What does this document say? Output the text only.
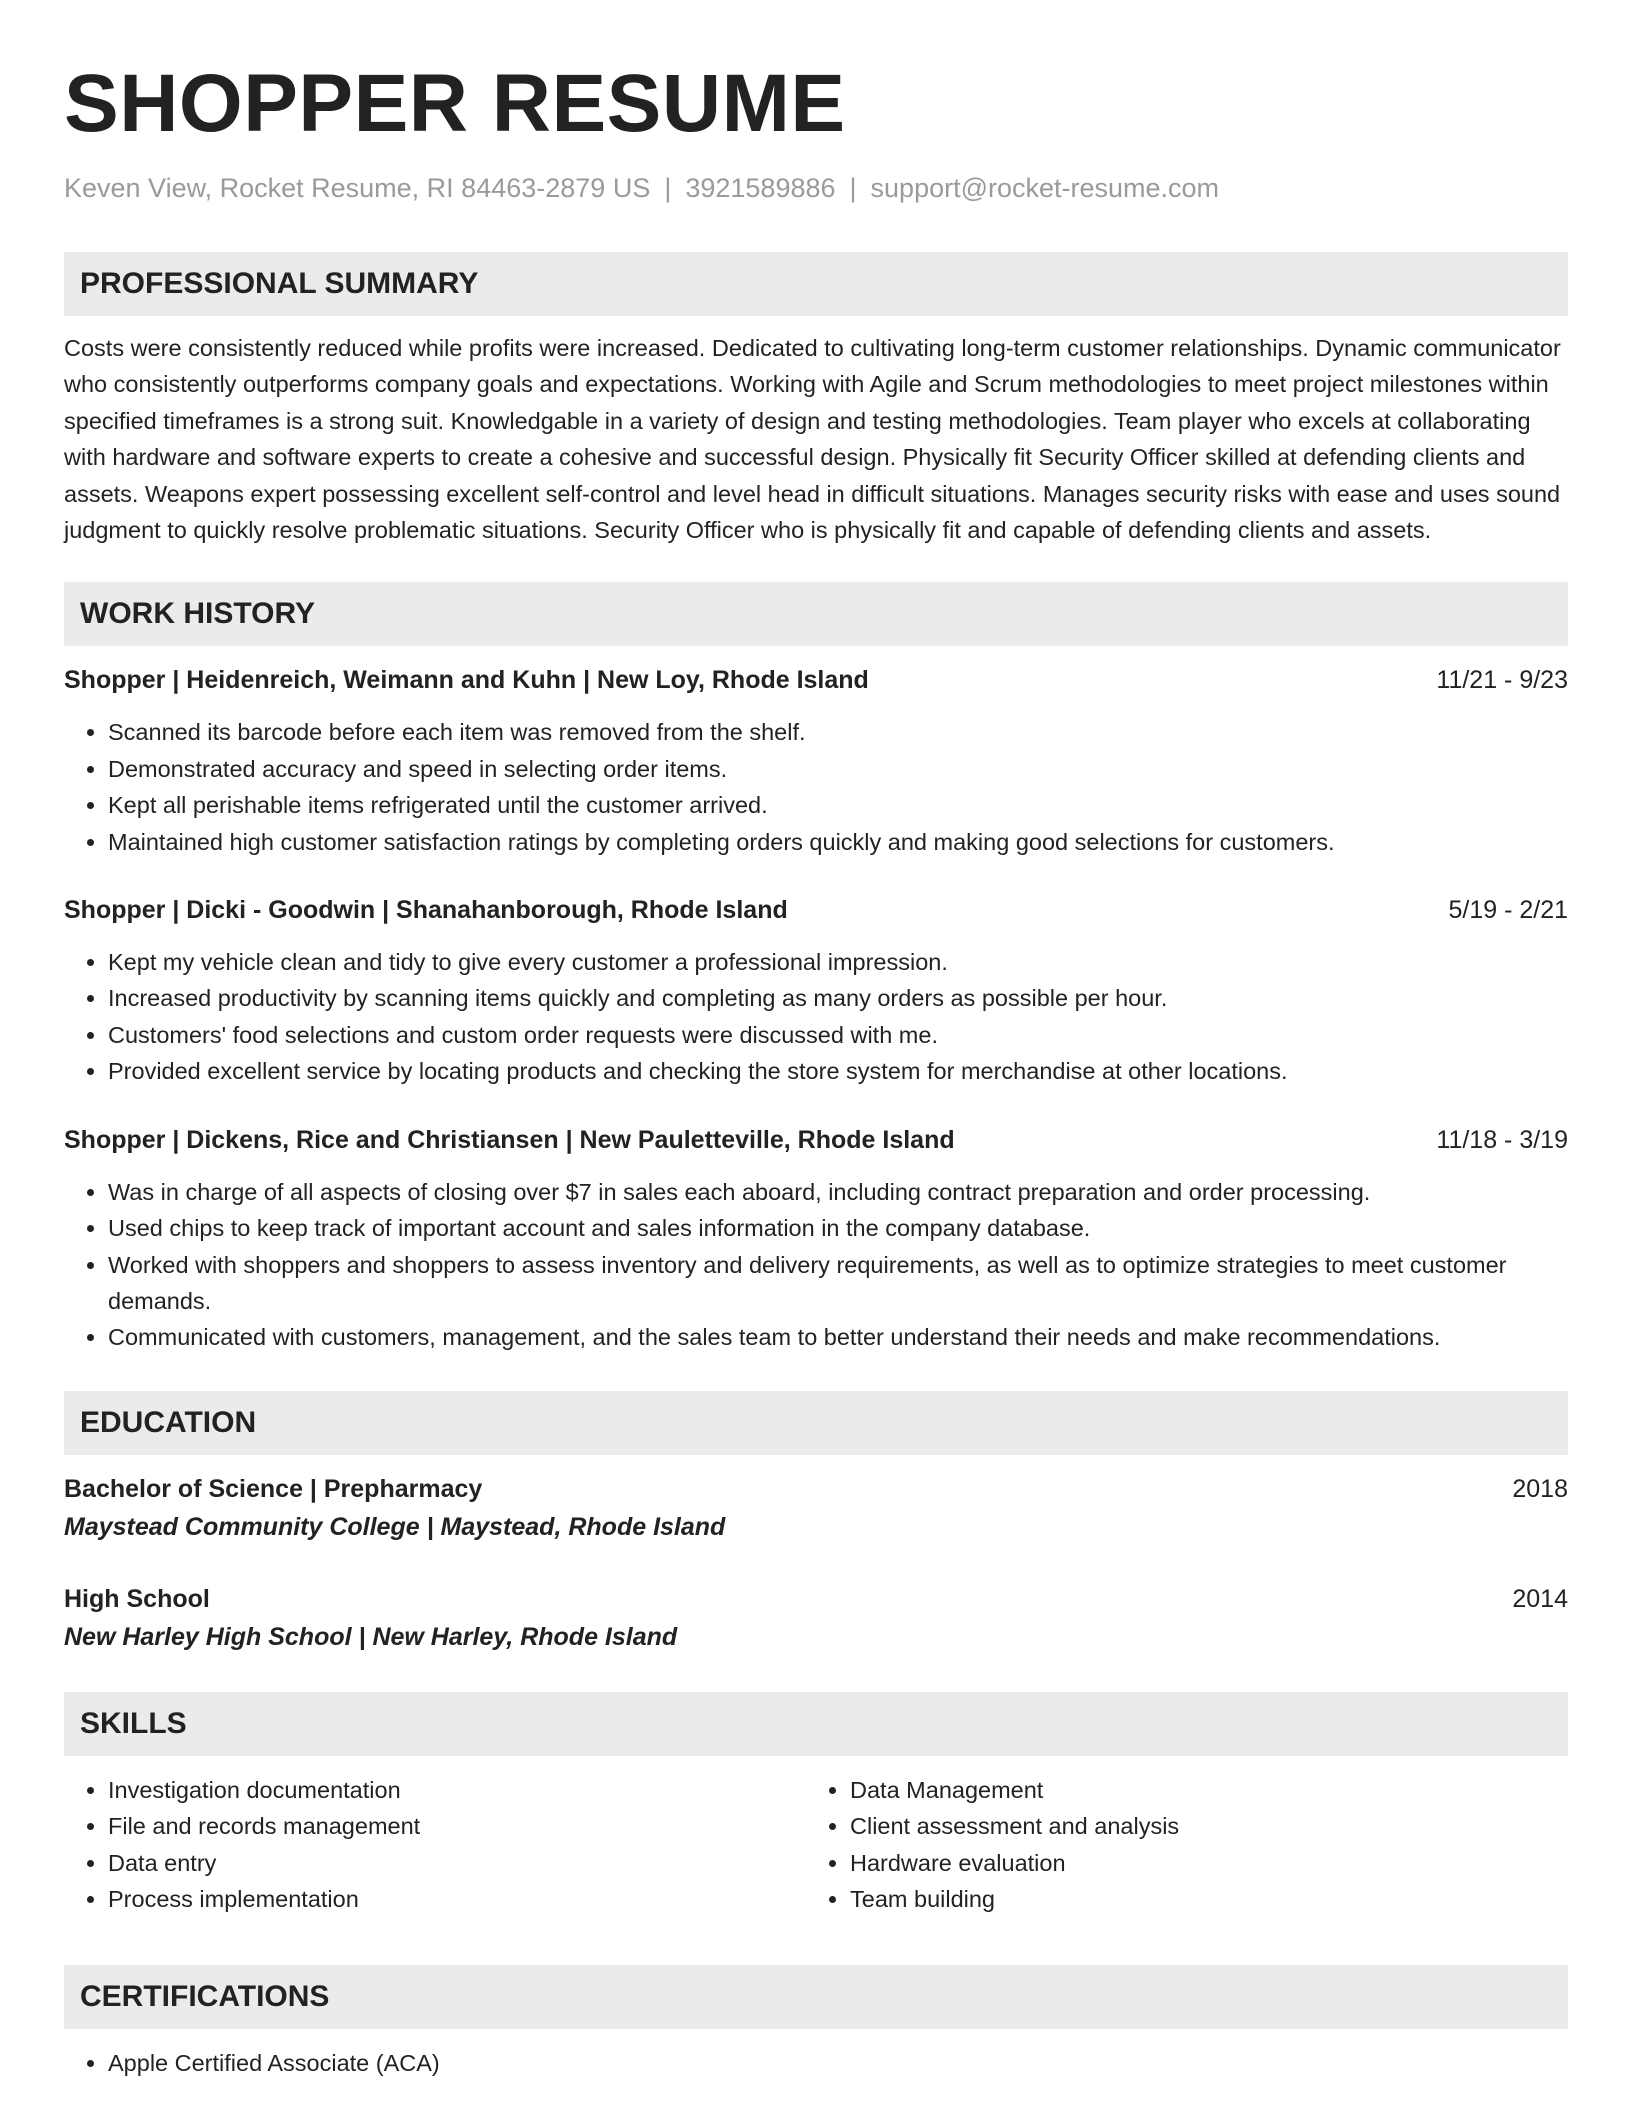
SHOPPER RESUME
Keven View, Rocket Resume, RI 84463-2879 US | 3921589886 | support@rocket-resume.com
PROFESSIONAL SUMMARY
Costs were consistently reduced while profits were increased. Dedicated to cultivating long-term customer relationships. Dynamic communicator who consistently outperforms company goals and expectations. Working with Agile and Scrum methodologies to meet project milestones within specified timeframes is a strong suit. Knowledgable in a variety of design and testing methodologies. Team player who excels at collaborating with hardware and software experts to create a cohesive and successful design. Physically fit Security Officer skilled at defending clients and assets. Weapons expert possessing excellent self-control and level head in difficult situations. Manages security risks with ease and uses sound judgment to quickly resolve problematic situations. Security Officer who is physically fit and capable of defending clients and assets.
WORK HISTORY
Shopper | Heidenreich, Weimann and Kuhn | New Loy, Rhode Island	11/21 - 9/23
• Scanned its barcode before each item was removed from the shelf.
• Demonstrated accuracy and speed in selecting order items.
• Kept all perishable items refrigerated until the customer arrived.
• Maintained high customer satisfaction ratings by completing orders quickly and making good selections for customers.
Shopper | Dicki - Goodwin | Shanahanborough, Rhode Island	5/19 - 2/21
• Kept my vehicle clean and tidy to give every customer a professional impression.
• Increased productivity by scanning items quickly and completing as many orders as possible per hour.
• Customers' food selections and custom order requests were discussed with me.
• Provided excellent service by locating products and checking the store system for merchandise at other locations.
Shopper | Dickens, Rice and Christiansen | New Pauletteville, Rhode Island	11/18 - 3/19
• Was in charge of all aspects of closing over $7 in sales each aboard, including contract preparation and order processing.
• Used chips to keep track of important account and sales information in the company database.
• Worked with shoppers and shoppers to assess inventory and delivery requirements, as well as to optimize strategies to meet customer demands.
• Communicated with customers, management, and the sales team to better understand their needs and make recommendations.
EDUCATION
Bachelor of Science | Prepharmacy	2018
Maystead Community College | Maystead, Rhode Island
High School	2014
New Harley High School | New Harley, Rhode Island
SKILLS
• Investigation documentation
• File and records management
• Data entry
• Process implementation
• Data Management
• Client assessment and analysis
• Hardware evaluation
• Team building
CERTIFICATIONS
• Apple Certified Associate (ACA)
